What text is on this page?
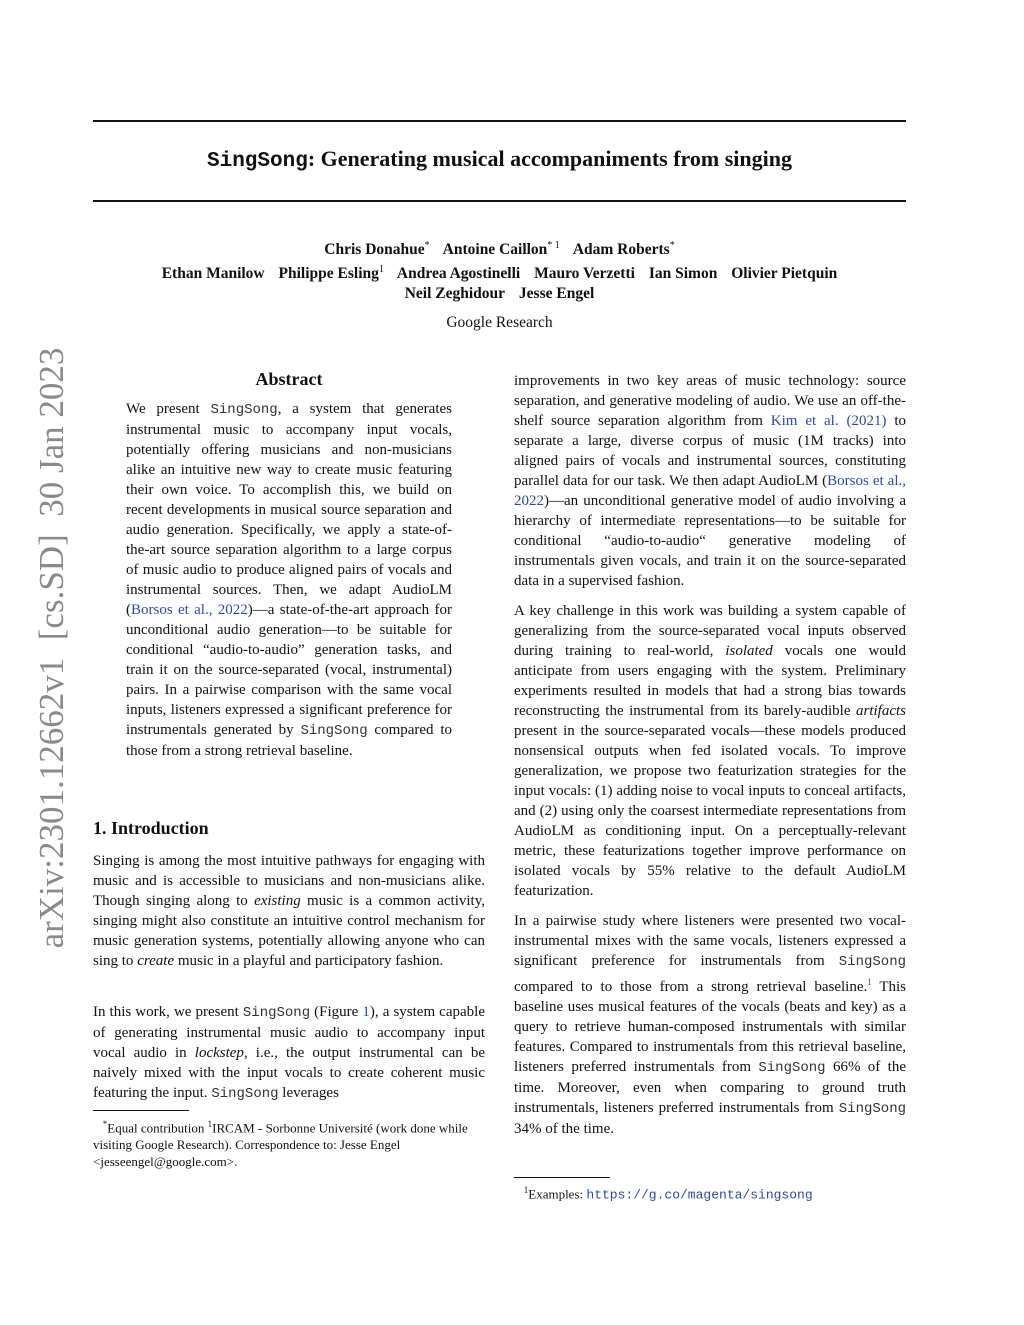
SingSong: Generating musical accompaniments from singing
Chris Donahue* Antoine Caillon$^{* 1}$ Adam Roberts*
Ethan Manilow Philippe Esling$^1$ Andrea Agostinelli Mauro Verzetti Ian Simon Olivier Pietquin
Neil Zeghidour Jesse Engel
Google Research
arXiv:2301.12662v1  [cs.SD]  30 Jan 2023	Abstract

We present SingSong, a system that generates instrumental music to accompany input vocals, potentially offering musicians and non-musicians alike an intuitive new way to create music featuring their own voice. To accomplish this, we build on recent developments in musical source separation and audio generation. Specifically, we apply a state-of-the-art source separation algorithm to a large corpus of music audio to produce aligned pairs of vocals and instrumental sources. Then, we adapt AudioLM (Borsos et al., 2022)—a state-of-the-art approach for unconditional audio generation—to be suitable for conditional “audio-to-audio” generation tasks, and train it on the source-separated (vocal, instrumental) pairs. In a pairwise comparison with the same vocal inputs, listeners expressed a significant preference for instrumentals generated by SingSong compared to those from a strong retrieval baseline.

1. Introduction

Singing is among the most intuitive pathways for engaging with music and is accessible to musicians and non-musicians alike. Though singing along to existing music is a common activity, singing might also constitute an intuitive control mechanism for music generation systems, potentially allowing anyone who can sing to create music in a playful and participatory fashion.

In this work, we present SingSong (Figure 1), a system capable of generating instrumental music audio to accompany input vocal audio in lockstep, i.e., the output instrumental can be naively mixed with the input vocals to create coherent music featuring the input. SingSong leverages

*Equal contribution $^1$IRCAM - Sorbonne Université (work done while visiting Google Research). Correspondence to: Jesse Engel <jesseengel@google.com>.

improvements in two key areas of music technology: source separation, and generative modeling of audio. We use an off-the-shelf source separation algorithm from Kim et al. (2021) to separate a large, diverse corpus of music (1M tracks) into aligned pairs of vocals and instrumental sources, constituting parallel data for our task. We then adapt AudioLM (Borsos et al., 2022)—an unconditional generative model of audio involving a hierarchy of intermediate representations—to be suitable for conditional “audio-to-audio“ generative modeling of instrumentals given vocals, and train it on the source-separated data in a supervised fashion.

A key challenge in this work was building a system capable of generalizing from the source-separated vocal inputs observed during training to real-world, isolated vocals one would anticipate from users engaging with the system. Preliminary experiments resulted in models that had a strong bias towards reconstructing the instrumental from its barely-audible artifacts present in the source-separated vocals—these models produced nonsensical outputs when fed isolated vocals. To improve generalization, we propose two featurization strategies for the input vocals: (1) adding noise to vocal inputs to conceal artifacts, and (2) using only the coarsest intermediate representations from AudioLM as conditioning input. On a perceptually-relevant metric, these featurizations together improve performance on isolated vocals by 55% relative to the default AudioLM featurization.

In a pairwise study where listeners were presented two vocal-instrumental mixes with the same vocals, listeners expressed a significant preference for instrumentals from SingSong compared to to those from a strong retrieval baseline.$^1$ This baseline uses musical features of the vocals (beats and key) as a query to retrieve human-composed instrumentals with similar features. Compared to instrumentals from this retrieval baseline, listeners preferred instrumentals from SingSong 66% of the time. Moreover, even when comparing to ground truth instrumentals, listeners preferred instrumentals from SingSong 34% of the time.

$^1$Examples: https://g.co/magenta/singsong
